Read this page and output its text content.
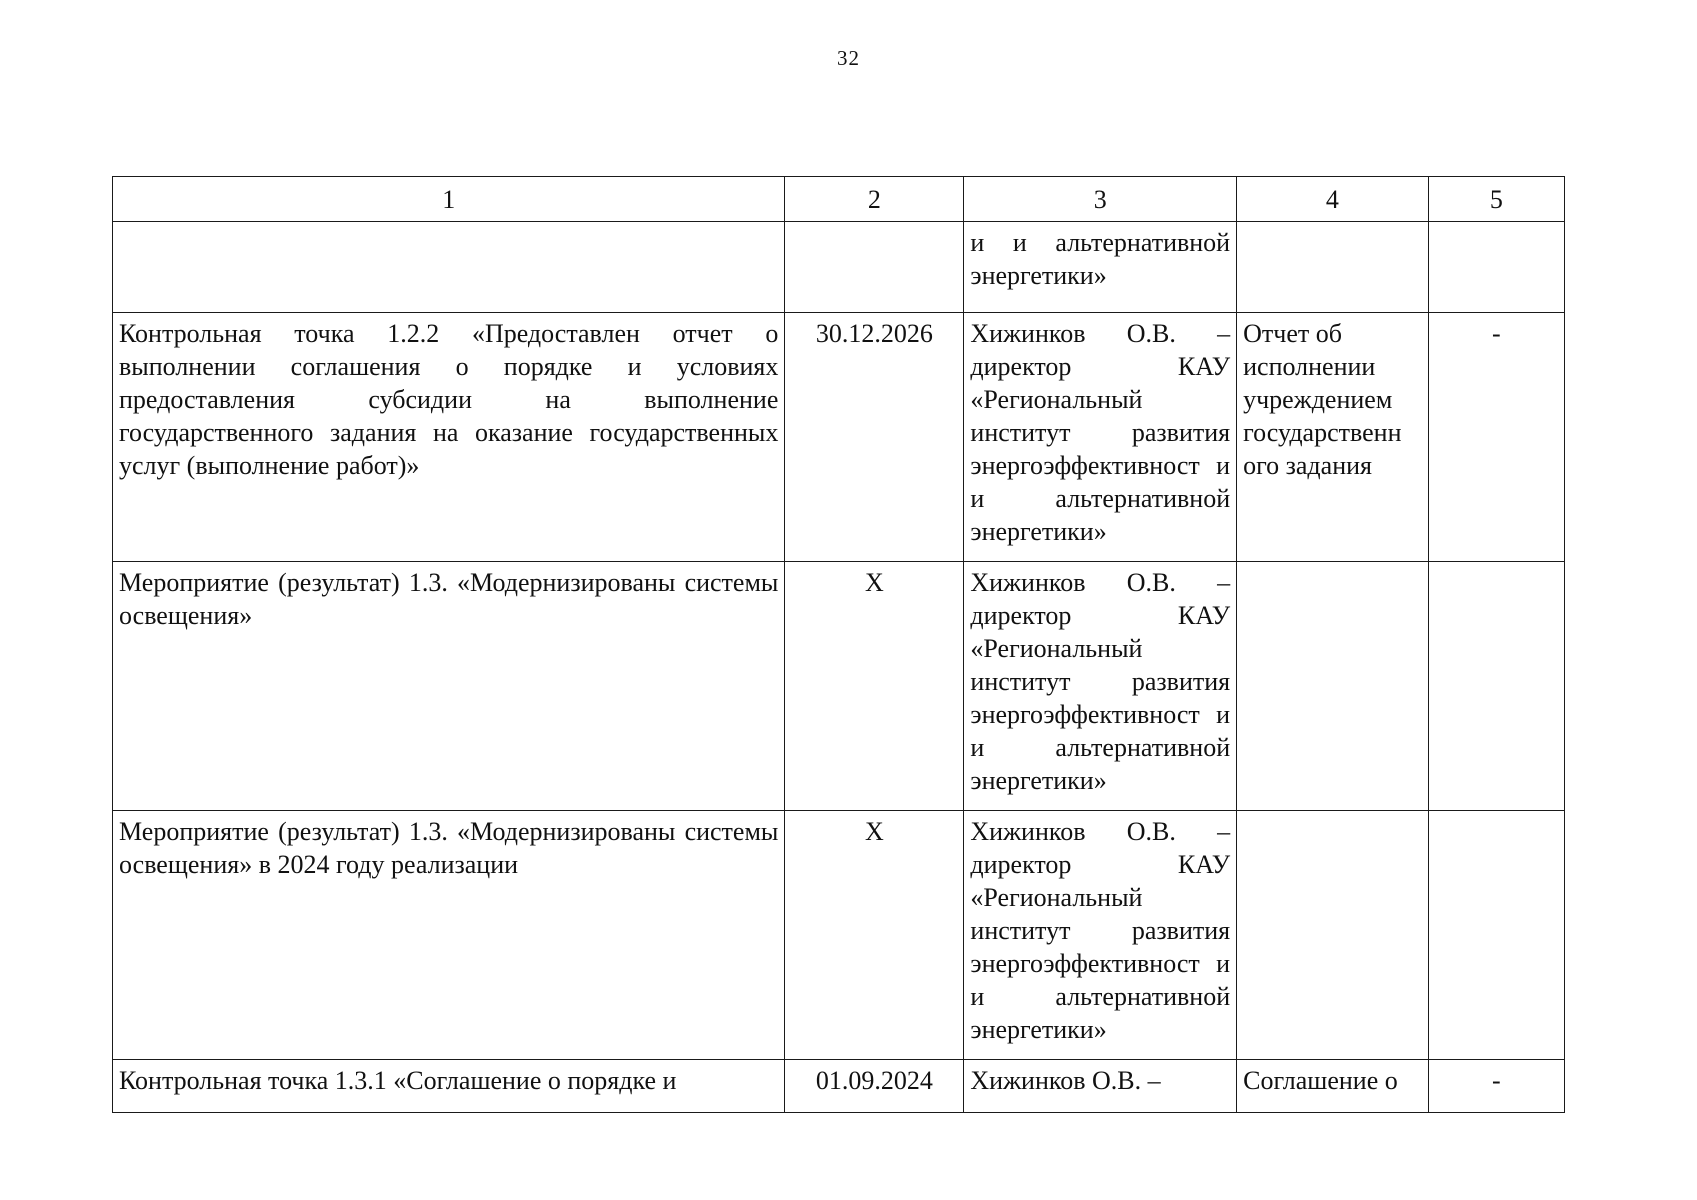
32
1	2	3	4	5
		и и альтернативной энергетики»		
Контрольная точка 1.2.2 «Предоставлен отчет о выполнении соглашения о порядке и условиях предоставления субсидии на выполнение государственного задания на оказание государственных услуг (выполнение работ)»	30.12.2026	Хижинков О.В. – директор КАУ «Региональный институт развития энергоэффективност и и альтернативной энергетики»	Отчет об исполнении учреждением государственн ого задания	-
Мероприятие (результат) 1.3. «Модернизированы системы освещения»	X	Хижинков О.В. – директор КАУ «Региональный институт развития энергоэффективност и и альтернативной энергетики»		
Мероприятие (результат) 1.3. «Модернизированы системы освещения» в 2024 году реализации	X	Хижинков О.В. – директор КАУ «Региональный институт развития энергоэффективност и и альтернативной энергетики»		
Контрольная точка 1.3.1 «Соглашение о порядке и	01.09.2024	Хижинков О.В. –	Соглашение о	-
